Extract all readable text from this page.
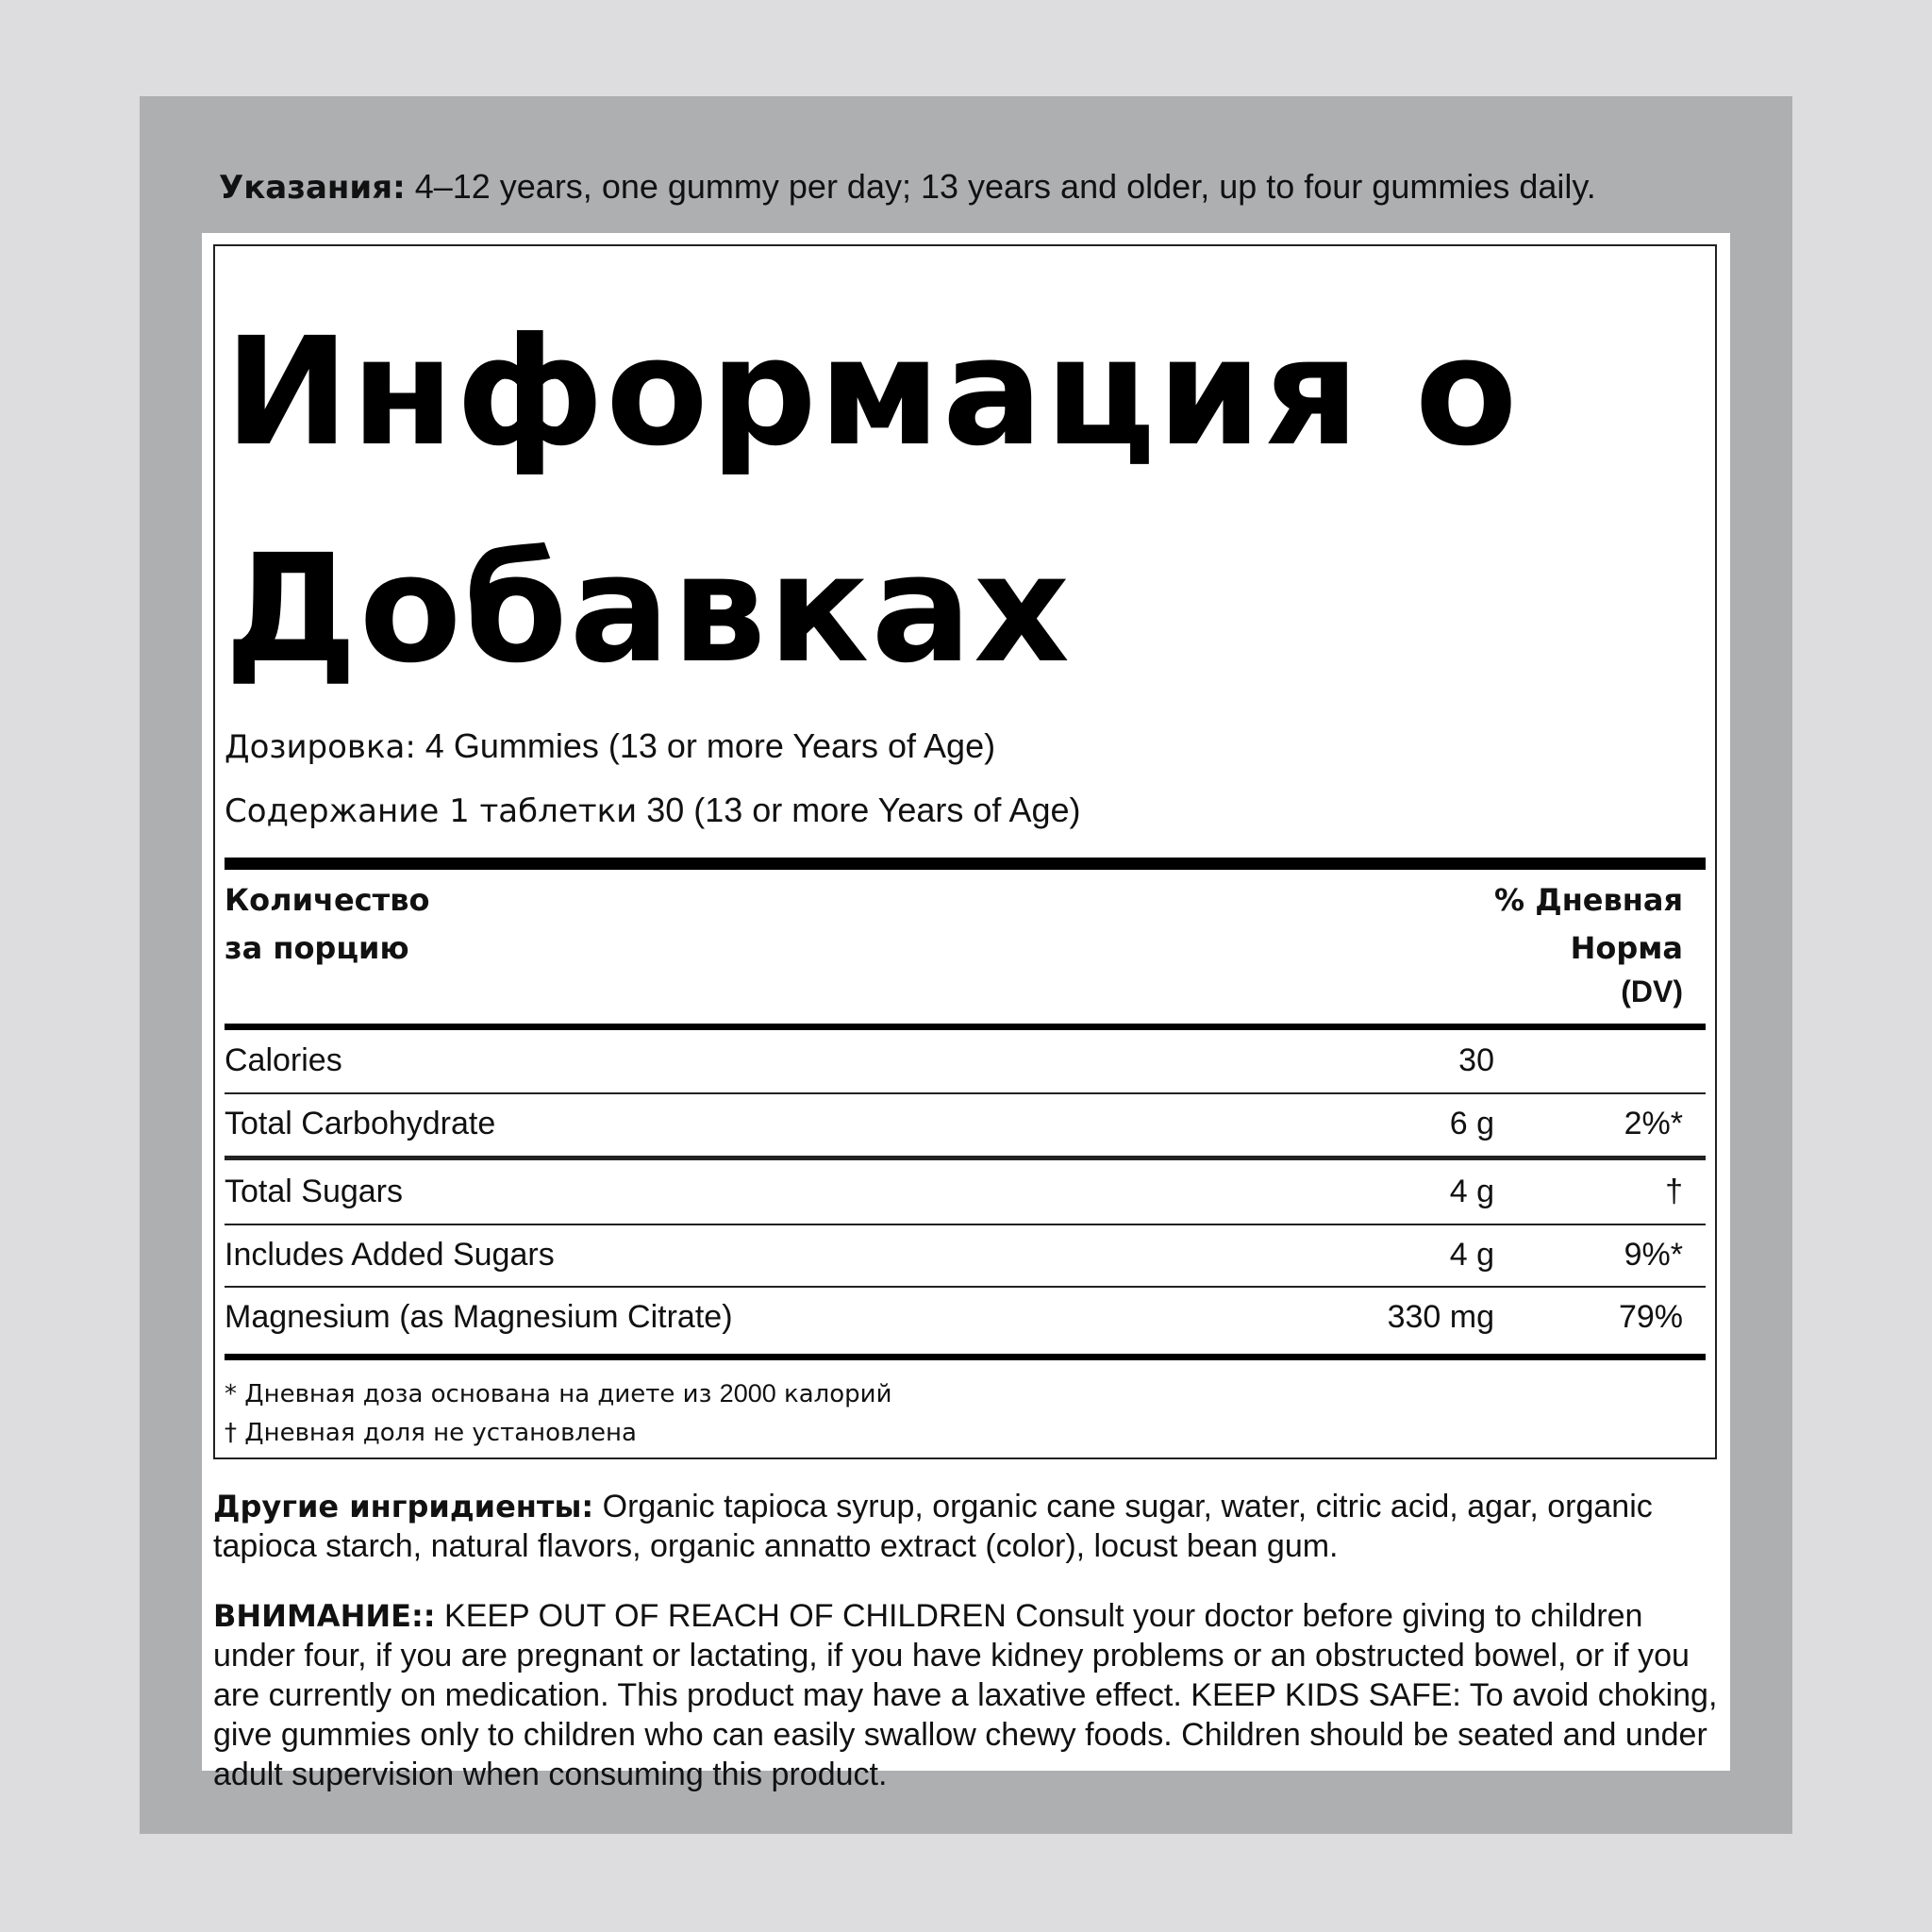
Указания: 4–12 years, one gummy per day; 13 years and older, up to four gummies daily.
Информация о
Добавках
Дозировка: 4 Gummies (13 or more Years of Age)
Содержание 1 таблетки 30 (13 or more Years of Age)
Количество
за порцию
% Дневная
Норма
(DV)
Calories	30
Total Carbohydrate	6 g	2%*
Total Sugars	4 g	†
Includes Added Sugars	4 g	9%*
Magnesium (as Magnesium Citrate)	330 mg	79%
* Дневная доза основана на диете из 2000 калорий
† Дневная доля не установлена
Другие ингридиенты: Organic tapioca syrup, organic cane sugar, water, citric acid, agar, organic tapioca starch, natural flavors, organic annatto extract (color), locust bean gum.
ВНИМАНИЕ:: KEEP OUT OF REACH OF CHILDREN Consult your doctor before giving to children under four, if you are pregnant or lactating, if you have kidney problems or an obstructed bowel, or if you are currently on medication. This product may have a laxative effect. KEEP KIDS SAFE: To avoid choking, give gummies only to children who can easily swallow chewy foods. Children should be seated and under adult supervision when consuming this product.
